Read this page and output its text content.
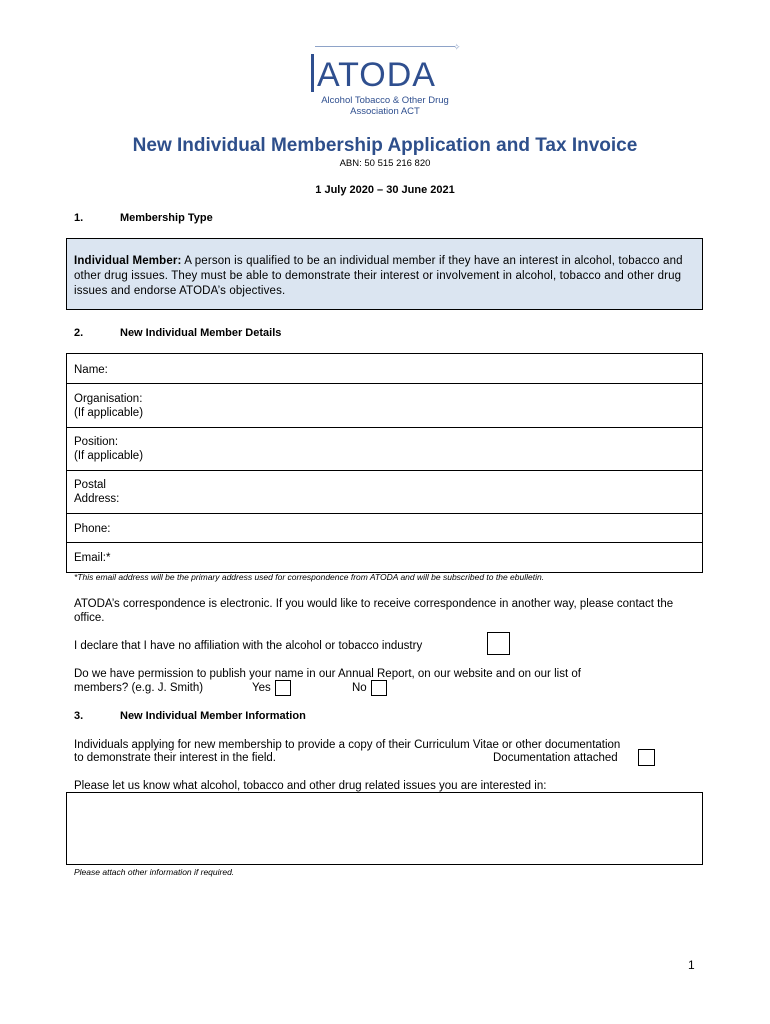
✧
ATODA
Alcohol Tobacco & Other Drug
Association ACT
New Individual Membership Application and Tax Invoice
ABN: 50 515 216 820
1 July 2020 – 30 June 2021
1.	Membership Type
Individual Member: A person is qualified to be an individual member if they have an interest in alcohol, tobacco and other drug issues. They must be able to demonstrate their interest or involvement in alcohol, tobacco and other drug issues and endorse ATODA’s objectives.
2.	New Individual Member Details
Name:
Organisation:
(If applicable)
Position:
(If applicable)
Postal
Address:
Phone:
Email:*
*This email address will be the primary address used for correspondence from ATODA and will be subscribed to the ebulletin.
ATODA’s correspondence is electronic. If you would like to receive correspondence in another way, please contact the office.
I declare that I have no affiliation with the alcohol or tobacco industry
Do we have permission to publish your name in our Annual Report, on our website and on our list of
members? (e.g. J. Smith)	Yes	No
3.	New Individual Member Information
Individuals applying for new membership to provide a copy of their Curriculum Vitae or other documentation
to demonstrate their interest in the field.	Documentation attached
Please let us know what alcohol, tobacco and other drug related issues you are interested in:
Please attach other information if required.
1
